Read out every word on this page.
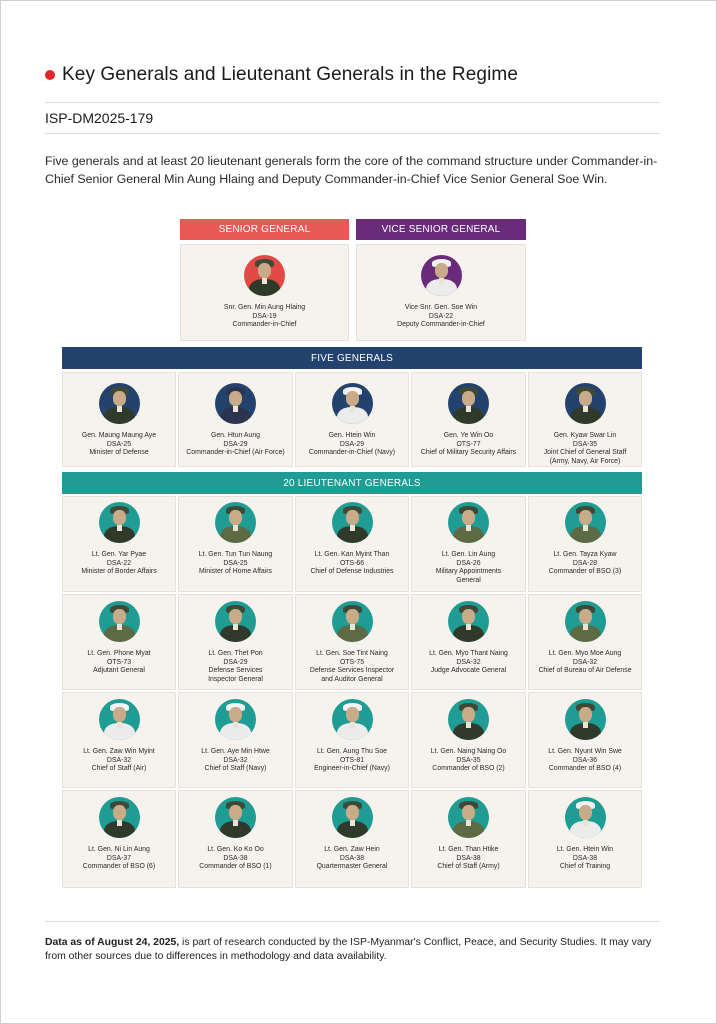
Key Generals and Lieutenant Generals in the Regime
ISP-DM2025-179
Five generals and at least 20 lieutenant generals form the core of the command structure under Commander-in-Chief Senior General Min Aung Hlaing and Deputy Commander-in-Chief Vice Senior General Soe Win.
SENIOR GENERAL	VICE SENIOR GENERAL
Snr. Gen. Min Aung Hlaing
DSA-19
Commander-in-Chief
Vice Snr. Gen. Soe Win
DSA-22
Deputy Commander-in-Chief
FIVE GENERALS
Gen. Maung Maung Aye
DSA-25
Minister of Defense
Gen. Htun Aung
DSA-29
Commander-in-Chief (Air Force)
Gen. Htein Win
DSA-29
Commander-in-Chief (Navy)
Gen. Ye Win Oo
OTS-77
Chief of Military Security Affairs
Gen. Kyaw Swar Lin
DSA-35
Joint Chief of General Staff
(Army, Navy, Air Force)
20 LIEUTENANT GENERALS
Lt. Gen. Yar Pyae
DSA-22
Minister of Border Affairs
Lt. Gen. Tun Tun Naung
DSA-25
Minister of Home Affairs
Lt. Gen. Kan Myint Than
OTS-66
Chief of Defense Industries
Lt. Gen. Lin Aung
DSA-26
Military Appointments
General
Lt. Gen. Tayza Kyaw
DSA-28
Commander of BSO (3)
Lt. Gen. Phone Myat
OTS-73
Adjutant General
Lt. Gen. Thet Pon
DSA-29
Defense Services
Inspector General
Lt. Gen. Soe Tint Naing
OTS-75
Defense Services Inspector
and Auditor General
Lt. Gen. Myo Thant Naing
DSA-32
Judge Advocate General
Lt. Gen. Myo Moe Aung
DSA-32
Chief of Bureau of Air Defense
Lt. Gen. Zaw Win Myint
DSA-32
Chief of Staff (Air)
Lt. Gen. Aye Min Htwe
DSA-32
Chief of Staff (Navy)
Lt. Gen. Aung Thu Soe
OTS-81
Engineer-in-Chief (Navy)
Lt. Gen. Naing Naing Oo
DSA-35
Commander of BSO (2)
Lt. Gen. Nyunt Win Swe
DSA-36
Commander of BSO (4)
Lt. Gen. Ni Lin Aung
DSA-37
Commander of BSO (6)
Lt. Gen. Ko Ko Oo
DSA-38
Commander of BSO (1)
Lt. Gen. Zaw Hein
DSA-38
Quartermaster General
Lt. Gen. Than Htike
DSA-38
Chief of Staff (Army)
Lt. Gen. Htein Win
DSA-38
Chief of Training
Data as of August 24, 2025, is part of research conducted by the ISP-Myanmar's Conflict, Peace, and Security Studies. It may vary from other sources due to differences in methodology and data availability.
